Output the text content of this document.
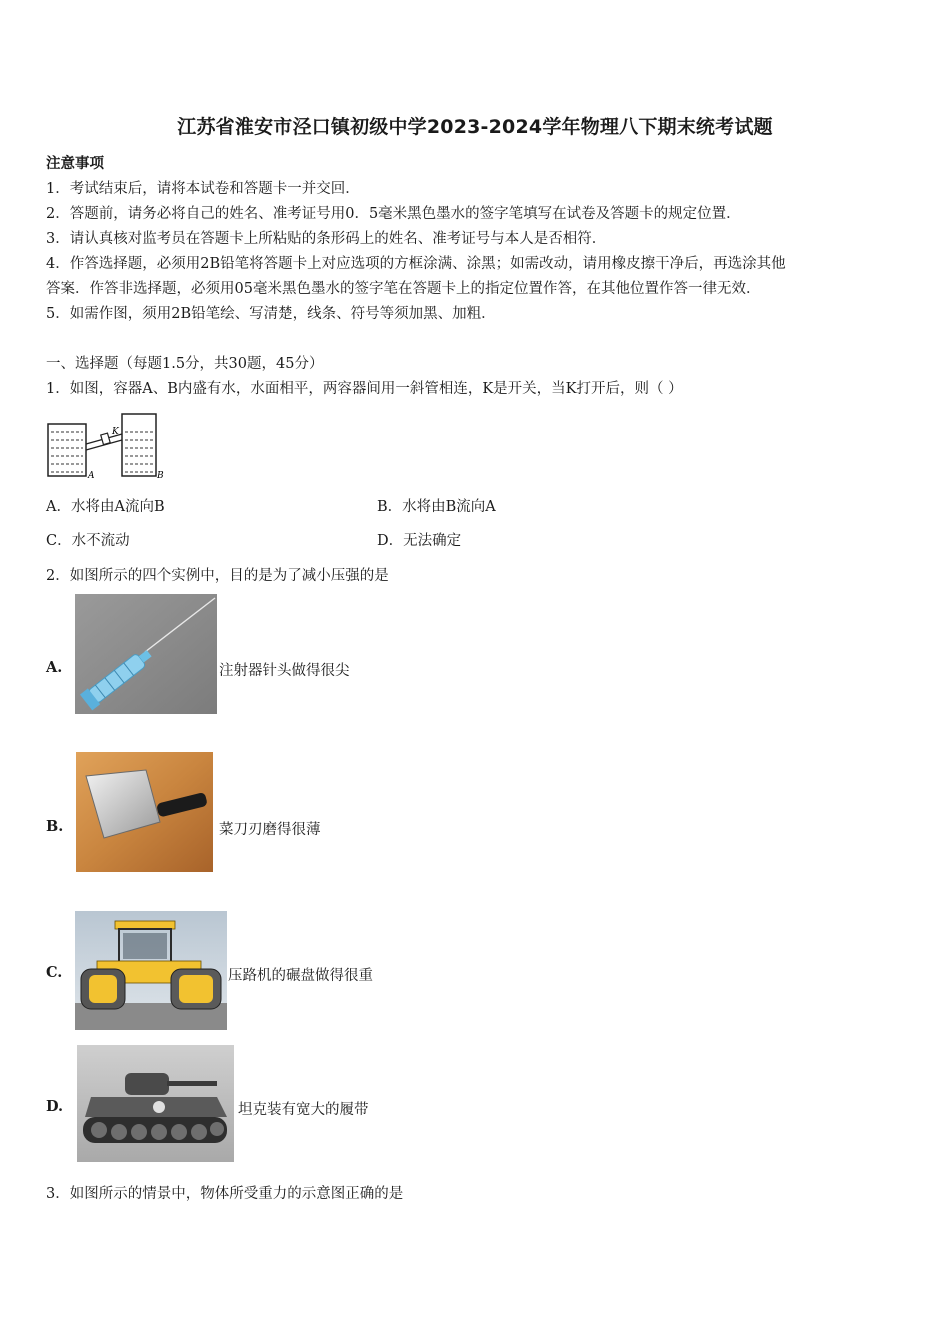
江苏省淮安市泾口镇初级中学2023-2024学年物理八下期末统考试题
注意事项
1．考试结束后，请将本试卷和答题卡一并交回．
2．答题前，请务必将自己的姓名、准考证号用0．5毫米黑色墨水的签字笔填写在试卷及答题卡的规定位置．
3．请认真核对监考员在答题卡上所粘贴的条形码上的姓名、准考证号与本人是否相符．
4．作答选择题，必须用2B铅笔将答题卡上对应选项的方框涂满、涂黑；如需改动，请用橡皮擦干净后，再选涂其他
答案．作答非选择题，必须用05毫米黑色墨水的签字笔在答题卡上的指定位置作答，在其他位置作答一律无效．
5．如需作图，须用2B铅笔绘、写清楚，线条、符号等须加黑、加粗．
一、选择题（每题1.5分，共30题，45分）
1．如图，容器A、B内盛有水，水面相平，两容器间用一斜管相连，K是开关，当K打开后，则（ ）
K
A	B
A．水将由A流向B	B．水将由B流向A
C．水不流动	D．无法确定
2．如图所示的四个实例中，目的是为了减小压强的是
A.	注射器针头做得很尖
B.	菜刀刃磨得很薄
C.	压路机的碾盘做得很重
D.	坦克装有宽大的履带
3．如图所示的情景中，物体所受重力的示意图正确的是
